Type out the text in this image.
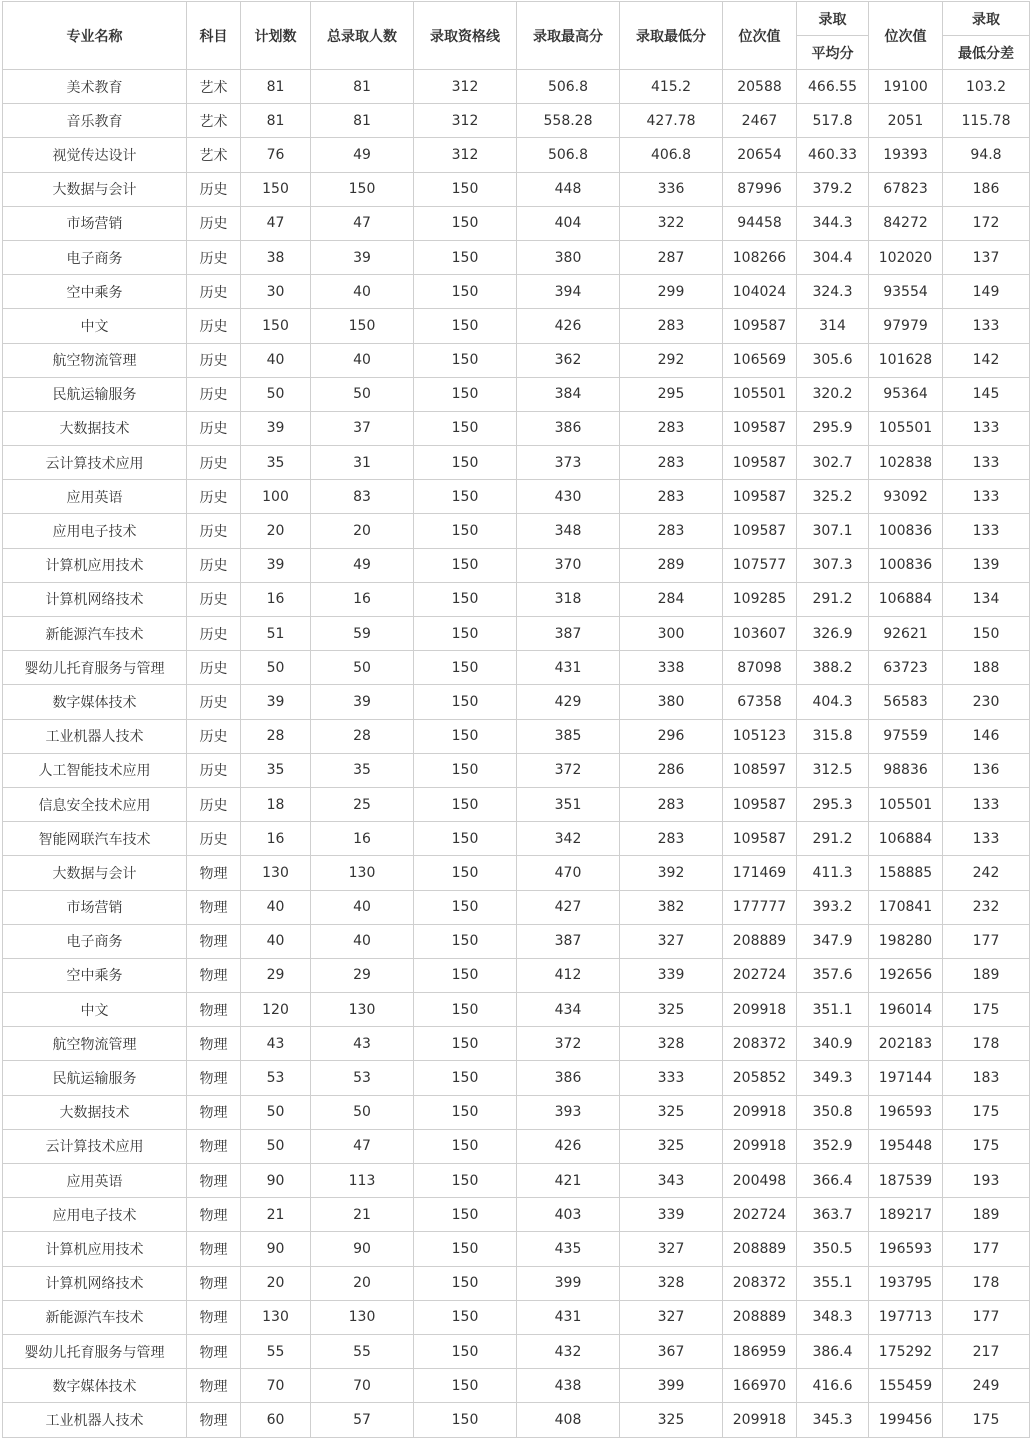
专业名称	科目	计划数	总录取人数	录取资格线	录取最高分	录取最低分	位次值	录取	位次值	录取
								平均分		最低分差
美术教育	艺术	81	81	312	506.8	415.2	20588	466.55	19100	103.2
音乐教育	艺术	81	81	312	558.28	427.78	2467	517.8	2051	115.78
视觉传达设计	艺术	76	49	312	506.8	406.8	20654	460.33	19393	94.8
大数据与会计	历史	150	150	150	448	336	87996	379.2	67823	186
市场营销	历史	47	47	150	404	322	94458	344.3	84272	172
电子商务	历史	38	39	150	380	287	108266	304.4	102020	137
空中乘务	历史	30	40	150	394	299	104024	324.3	93554	149
中文	历史	150	150	150	426	283	109587	314	97979	133
航空物流管理	历史	40	40	150	362	292	106569	305.6	101628	142
民航运输服务	历史	50	50	150	384	295	105501	320.2	95364	145
大数据技术	历史	39	37	150	386	283	109587	295.9	105501	133
云计算技术应用	历史	35	31	150	373	283	109587	302.7	102838	133
应用英语	历史	100	83	150	430	283	109587	325.2	93092	133
应用电子技术	历史	20	20	150	348	283	109587	307.1	100836	133
计算机应用技术	历史	39	49	150	370	289	107577	307.3	100836	139
计算机网络技术	历史	16	16	150	318	284	109285	291.2	106884	134
新能源汽车技术	历史	51	59	150	387	300	103607	326.9	92621	150
婴幼儿托育服务与管理	历史	50	50	150	431	338	87098	388.2	63723	188
数字媒体技术	历史	39	39	150	429	380	67358	404.3	56583	230
工业机器人技术	历史	28	28	150	385	296	105123	315.8	97559	146
人工智能技术应用	历史	35	35	150	372	286	108597	312.5	98836	136
信息安全技术应用	历史	18	25	150	351	283	109587	295.3	105501	133
智能网联汽车技术	历史	16	16	150	342	283	109587	291.2	106884	133
大数据与会计	物理	130	130	150	470	392	171469	411.3	158885	242
市场营销	物理	40	40	150	427	382	177777	393.2	170841	232
电子商务	物理	40	40	150	387	327	208889	347.9	198280	177
空中乘务	物理	29	29	150	412	339	202724	357.6	192656	189
中文	物理	120	130	150	434	325	209918	351.1	196014	175
航空物流管理	物理	43	43	150	372	328	208372	340.9	202183	178
民航运输服务	物理	53	53	150	386	333	205852	349.3	197144	183
大数据技术	物理	50	50	150	393	325	209918	350.8	196593	175
云计算技术应用	物理	50	47	150	426	325	209918	352.9	195448	175
应用英语	物理	90	113	150	421	343	200498	366.4	187539	193
应用电子技术	物理	21	21	150	403	339	202724	363.7	189217	189
计算机应用技术	物理	90	90	150	435	327	208889	350.5	196593	177
计算机网络技术	物理	20	20	150	399	328	208372	355.1	193795	178
新能源汽车技术	物理	130	130	150	431	327	208889	348.3	197713	177
婴幼儿托育服务与管理	物理	55	55	150	432	367	186959	386.4	175292	217
数字媒体技术	物理	70	70	150	438	399	166970	416.6	155459	249
工业机器人技术	物理	60	57	150	408	325	209918	345.3	199456	175
